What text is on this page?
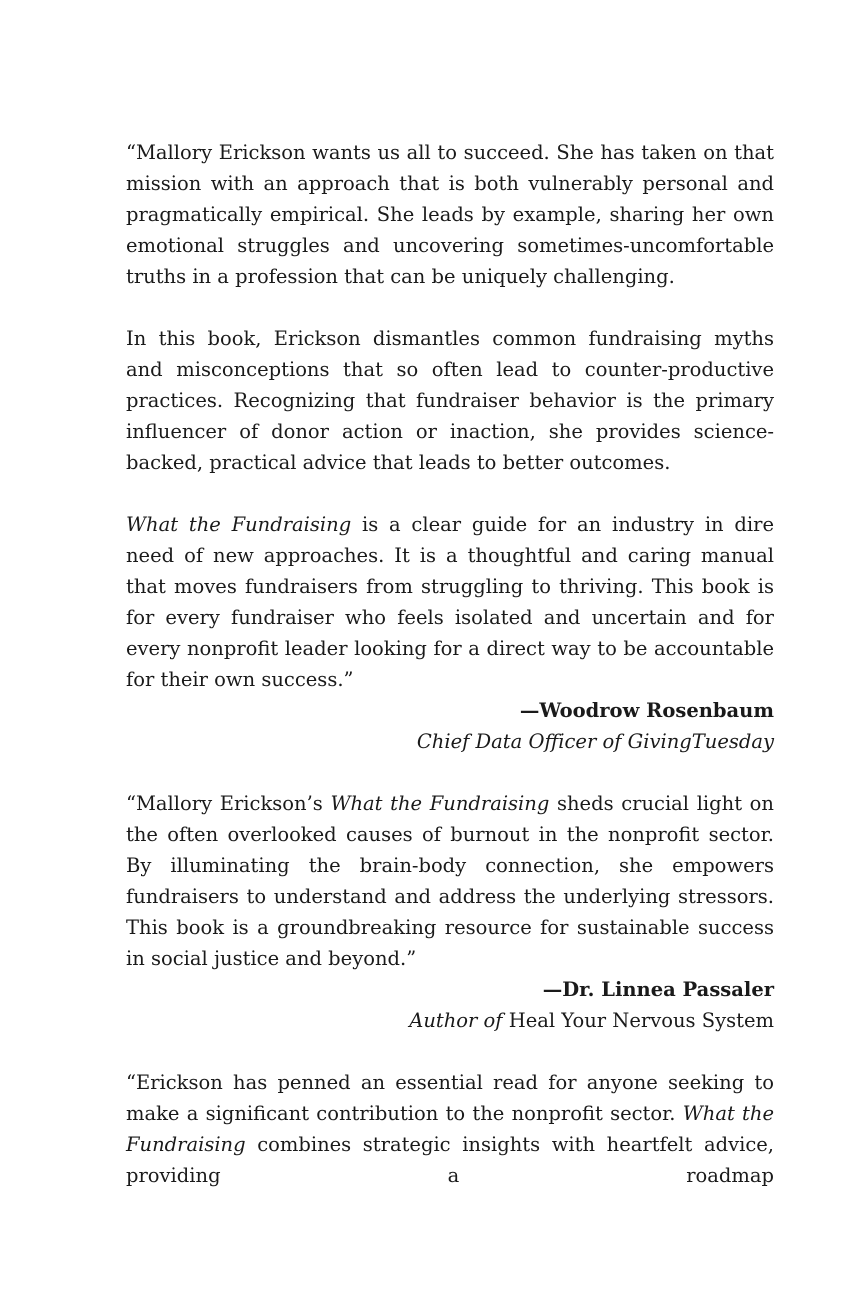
“Mallory Erickson wants us all to succeed. She has taken on that mission with an approach that is both vulnerably personal and pragmatically empirical. She leads by example, sharing her own emotional struggles and uncovering sometimes-uncomfortable truths in a profession that can be uniquely challenging.

In this book, Erickson dismantles common fundraising myths and misconceptions that so often lead to counter-productive practices. Recognizing that fundraiser behavior is the primary influencer of donor action or inaction, she provides science-backed, practical advice that leads to better outcomes.

What the Fundraising is a clear guide for an industry in dire need of new approaches. It is a thoughtful and caring manual that moves fundraisers from struggling to thriving. This book is for every fundraiser who feels isolated and uncertain and for every nonprofit leader looking for a direct way to be accountable for their own success.”

—Woodrow Rosenbaum

Chief Data Officer of GivingTuesday

“Mallory Erickson’s What the Fundraising sheds crucial light on the often overlooked causes of burnout in the nonprofit sector. By illuminating the brain-body connection, she empowers fundraisers to understand and address the underlying stressors. This book is a groundbreaking resource for sustainable success in social justice and beyond.”

—Dr. Linnea Passaler

Author of Heal Your Nervous System

“Erickson has penned an essential read for anyone seeking to make a significant contribution to the nonprofit sector. What the Fundraising combines strategic insights with heartfelt advice, providing a roadmap
